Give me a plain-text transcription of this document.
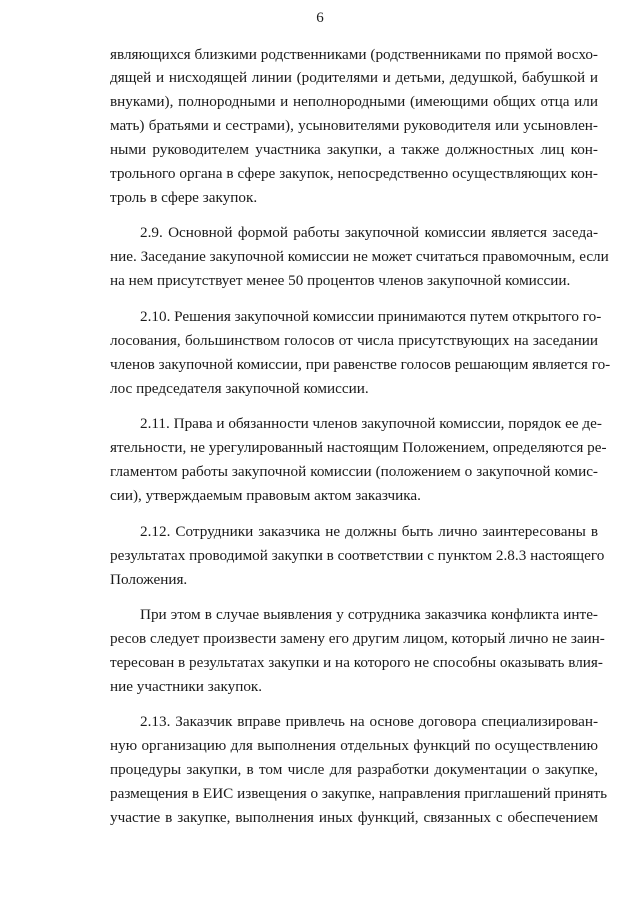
6
являющихся близкими родственниками (родственниками по прямой восхо-
дящей и нисходящей линии (родителями и детьми, дедушкой, бабушкой и
внуками), полнородными и неполнородными (имеющими общих отца или
мать) братьями и сестрами), усыновителями руководителя или усыновлен-
ными руководителем участника закупки, а также должностных лиц кон-
трольного органа в сфере закупок, непосредственно осуществляющих кон-
троль в сфере закупок.
2.9. Основной формой работы закупочной комиссии является заседа-
ние. Заседание закупочной комиссии не может считаться правомочным, если
на нем присутствует менее 50 процентов членов закупочной комиссии.
2.10. Решения закупочной комиссии принимаются путем открытого го-
лосования, большинством голосов от числа присутствующих на заседании
членов закупочной комиссии, при равенстве голосов решающим является го-
лос председателя закупочной комиссии.
2.11. Права и обязанности членов закупочной комиссии, порядок ее де-
ятельности, не урегулированный настоящим Положением, определяются ре-
гламентом работы закупочной комиссии (положением о закупочной комис-
сии), утверждаемым правовым актом заказчика.
2.12. Сотрудники заказчика не должны быть лично заинтересованы в
результатах проводимой закупки в соответствии с пунктом 2.8.3 настоящего
Положения.
При этом в случае выявления у сотрудника заказчика конфликта инте-
ресов следует произвести замену его другим лицом, который лично не заин-
тересован в результатах закупки и на которого не способны оказывать влия-
ние участники закупок.
2.13. Заказчик вправе привлечь на основе договора специализирован-
ную организацию для выполнения отдельных функций по осуществлению
процедуры закупки, в том числе для разработки документации о закупке,
размещения в ЕИС извещения о закупке, направления приглашений принять
участие в закупке, выполнения иных функций, связанных с обеспечением
